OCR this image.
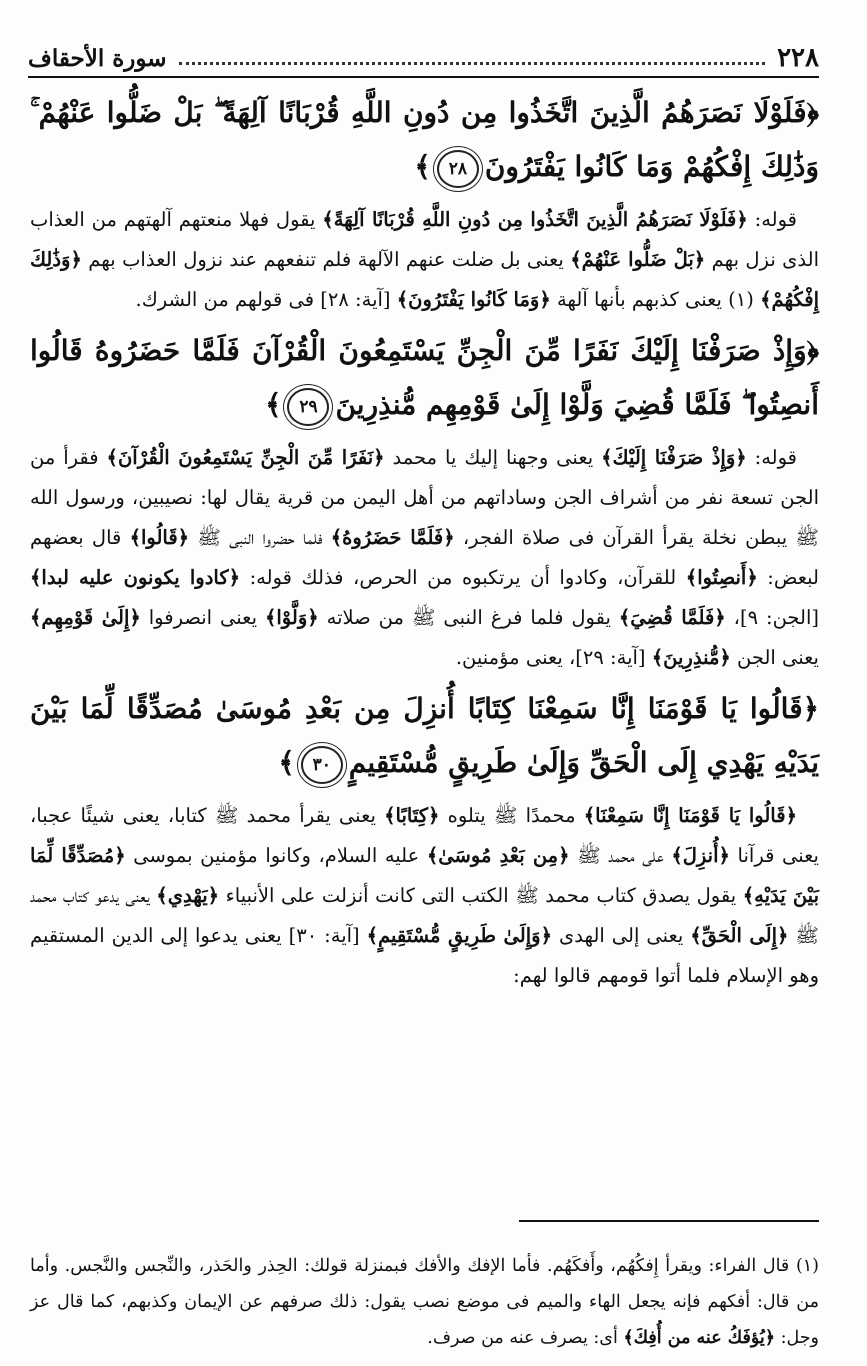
٢٢٨
سورة الأحقاف

﴿فَلَوْلَا نَصَرَهُمُ الَّذِينَ اتَّخَذُوا مِن دُونِ اللَّهِ قُرْبَانًا آلِهَةً ۖ بَلْ ضَلُّوا عَنْهُمْ ۚ وَذَٰلِكَ إِفْكُهُمْ وَمَا كَانُوا يَفْتَرُونَ٢٨﴾

قوله: ﴿فَلَوْلَا نَصَرَهُمُ الَّذِينَ اتَّخَذُوا مِن دُونِ اللَّهِ قُرْبَانًا آلِهَةً﴾ يقول فهلا منعتهم آلهتهم من العذاب الذى نزل بهم ﴿بَلْ ضَلُّوا عَنْهُمْ﴾ يعنى بل ضلت عنهم الآلهة فلم تنفعهم عند نزول العذاب بهم ﴿وَذَٰلِكَ إِفْكُهُمْ﴾ (١) يعنى كذبهم بأنها آلهة ﴿وَمَا كَانُوا يَفْتَرُونَ﴾ [آية: ٢٨] فى قولهم من الشرك.

﴿وَإِذْ صَرَفْنَا إِلَيْكَ نَفَرًا مِّنَ الْجِنِّ يَسْتَمِعُونَ الْقُرْآنَ فَلَمَّا حَضَرُوهُ قَالُوا أَنصِتُوا ۖ فَلَمَّا قُضِيَ وَلَّوْا إِلَىٰ قَوْمِهِم مُّنذِرِينَ٢٩﴾

قوله: ﴿وَإِذْ صَرَفْنَا إِلَيْكَ﴾ يعنى وجهنا إليك يا محمد ﴿نَفَرًا مِّنَ الْجِنِّ يَسْتَمِعُونَ الْقُرْآنَ﴾ فقرأ من الجن تسعة نفر من أشراف الجن وساداتهم من أهل اليمن من قرية يقال لها: نصيبين، ورسول الله ﷺ يبطن نخلة يقرأ القرآن فى صلاة الفجر، ﴿فَلَمَّا حَضَرُوهُ﴾ فلما حضروا النبى ﷺ ﴿قَالُوا﴾ قال بعضهم لبعض: ﴿أَنصِتُوا﴾ للقرآن، وكادوا أن يرتكبوه من الحرص، فذلك قوله: ﴿كادوا يكونون عليه لبدا﴾ [الجن: ٩]، ﴿فَلَمَّا قُضِيَ﴾ يقول فلما فرغ النبى ﷺ من صلاته ﴿وَلَّوْا﴾ يعنى انصرفوا ﴿إِلَىٰ قَوْمِهِم﴾ يعنى الجن ﴿مُّنذِرِينَ﴾ [آية: ٢٩]، يعنى مؤمنين.

﴿قَالُوا يَا قَوْمَنَا إِنَّا سَمِعْنَا كِتَابًا أُنزِلَ مِن بَعْدِ مُوسَىٰ مُصَدِّقًا لِّمَا بَيْنَ يَدَيْهِ يَهْدِي إِلَى الْحَقِّ وَإِلَىٰ طَرِيقٍ مُّسْتَقِيمٍ٣٠﴾

﴿قَالُوا يَا قَوْمَنَا إِنَّا سَمِعْنَا﴾ محمدًا ﷺ يتلوه ﴿كِتَابًا﴾ يعنى يقرأ محمد ﷺ كتابا، يعنى شيئًا عجبا، يعنى قرآنا ﴿أُنزِلَ﴾ على محمد ﷺ ﴿مِن بَعْدِ مُوسَىٰ﴾ عليه السلام، وكانوا مؤمنين بموسى ﴿مُصَدِّقًا لِّمَا بَيْنَ يَدَيْهِ﴾ يقول يصدق كتاب محمد ﷺ الكتب التى كانت أنزلت على الأنبياء ﴿يَهْدِي﴾ يعنى يدعو كتاب محمد ﷺ ﴿إِلَى الْحَقِّ﴾ يعنى إلى الهدى ﴿وَإِلَىٰ طَرِيقٍ مُّسْتَقِيمٍ﴾ [آية: ٣٠] يعنى يدعوا إلى الدين المستقيم وهو الإسلام فلما أتوا قومهم قالوا لهم:

(١) قال الفراء: ويقرأ إِفكُهُم، وأَفكَهُم. فأما الإفك والأفك فبمنزلة قولك: الحِذر والحَذر، والنِّجس والنَّجس. وأما من قال: أفكهم فإنه يجعل الهاء والميم فى موضع نصب يقول: ذلك صرفهم عن الإيمان وكذبهم، كما قال عز وجل: ﴿يُؤفَكُ عنه من أُفِكَ﴾ أى: يصرف عنه من صرف.
